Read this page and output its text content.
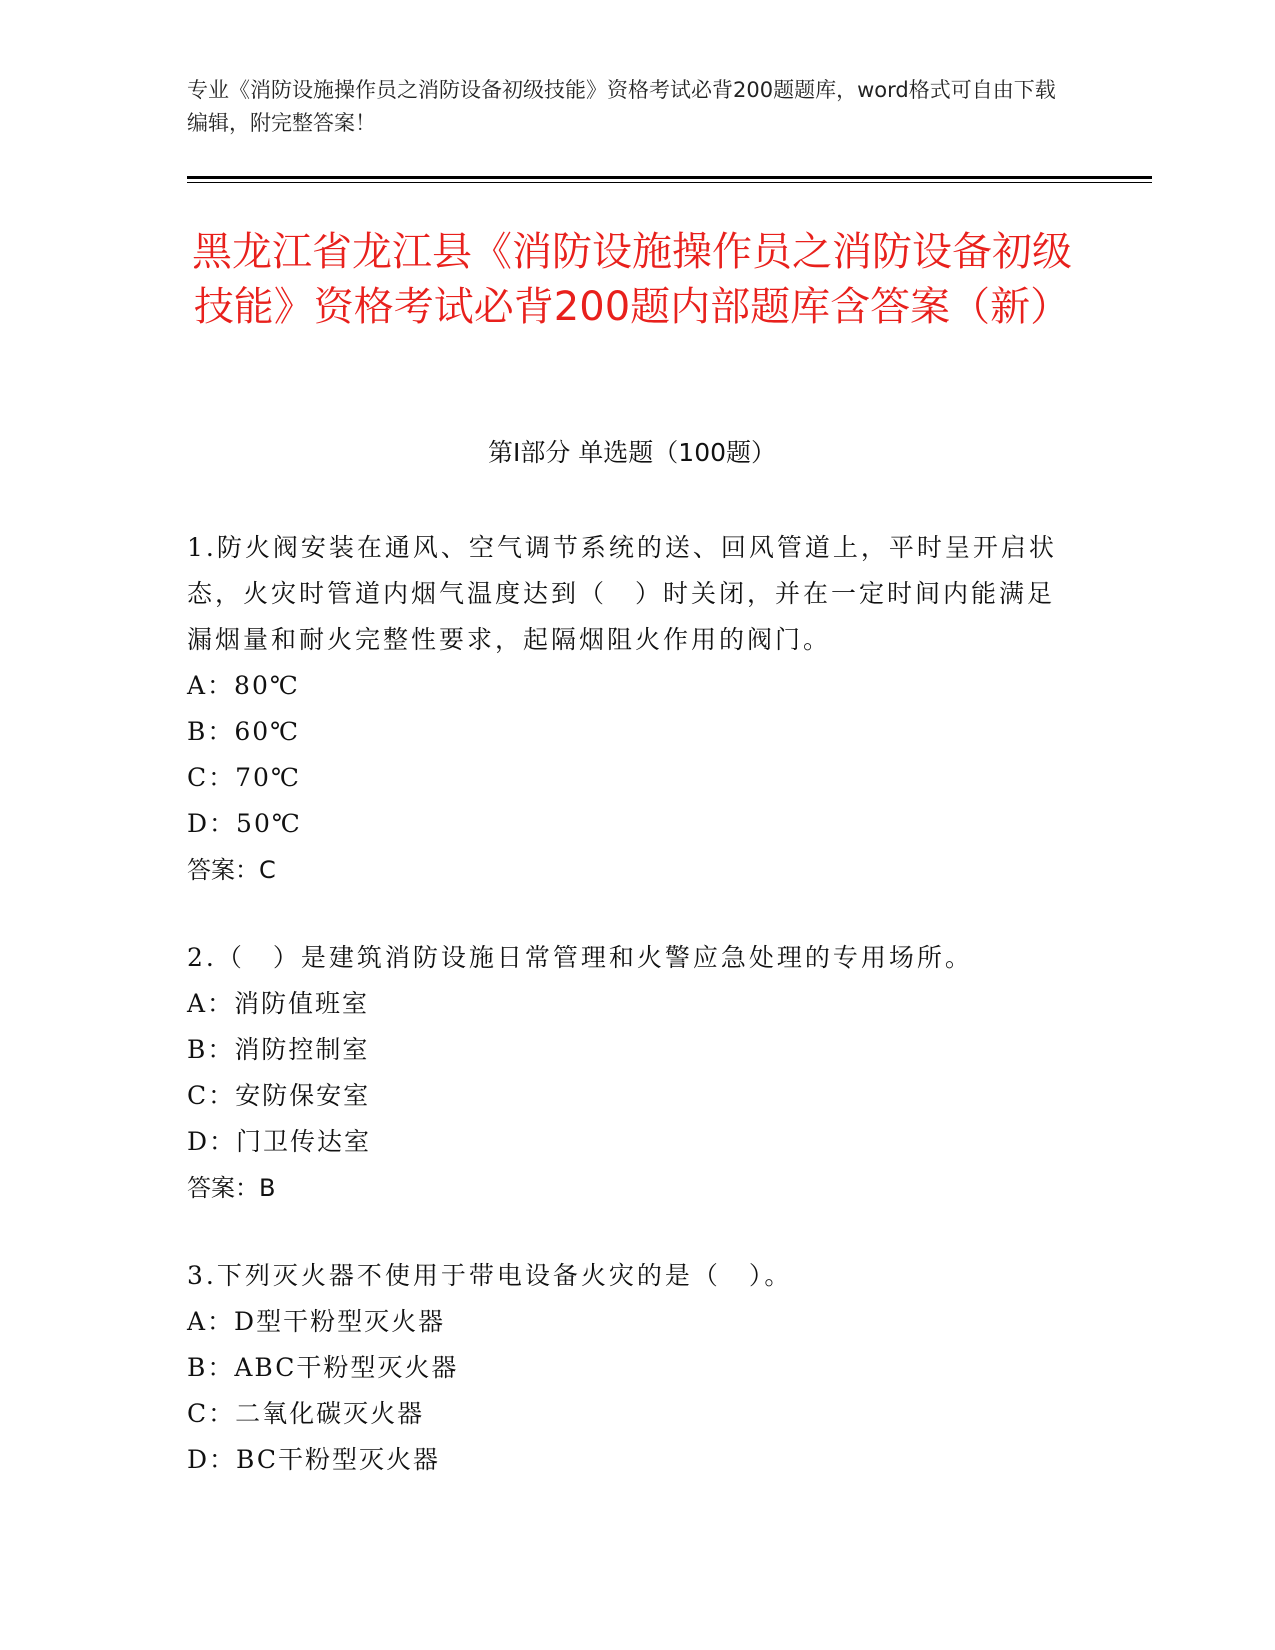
专业《消防设施操作员之消防设备初级技能》资格考试必背200题题库，word格式可自由下载编辑，附完整答案！
黑龙江省龙江县《消防设施操作员之消防设备初级技能》资格考试必背200题内部题库含答案（新）
第I部分 单选题（100题）

1.防火阀安装在通风、空气调节系统的送、回风管道上，平时呈开启状态，火灾时管道内烟气温度达到（　）时关闭，并在一定时间内能满足漏烟量和耐火完整性要求，起隔烟阻火作用的阀门。

A：80℃

B：60℃

C：70℃

D：50℃

答案：C

2.（　）是建筑消防设施日常管理和火警应急处理的专用场所。

A：消防值班室

B：消防控制室

C：安防保安室

D：门卫传达室

答案：B

3.下列灭火器不使用于带电设备火灾的是（　）。

A：D型干粉型灭火器

B：ABC干粉型灭火器

C：二氧化碳灭火器

D：BC干粉型灭火器
